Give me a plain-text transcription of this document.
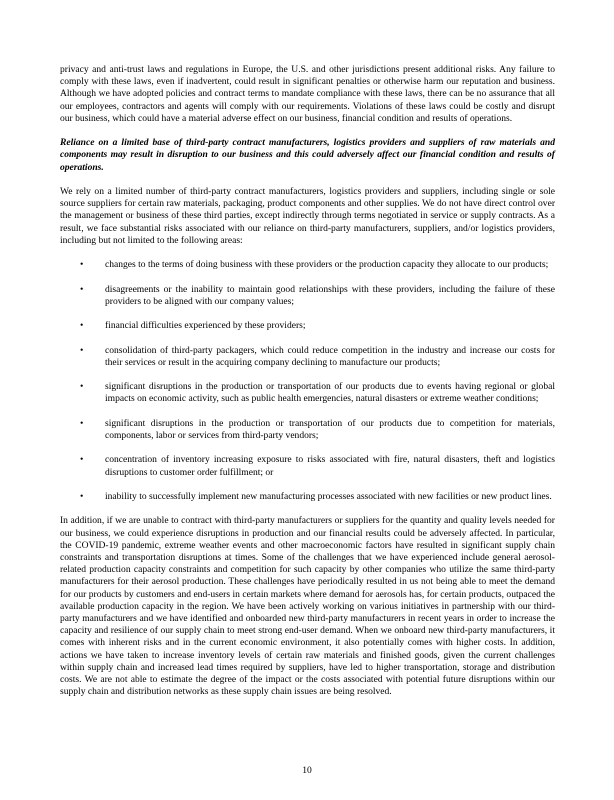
privacy and anti-trust laws and regulations in Europe, the U.S. and other jurisdictions present additional risks. Any failure to comply with these laws, even if inadvertent, could result in significant penalties or otherwise harm our reputation and business. Although we have adopted policies and contract terms to mandate compliance with these laws, there can be no assurance that all our employees, contractors and agents will comply with our requirements. Violations of these laws could be costly and disrupt our business, which could have a material adverse effect on our business, financial condition and results of operations.

Reliance on a limited base of third-party contract manufacturers, logistics providers and suppliers of raw materials and components may result in disruption to our business and this could adversely affect our financial condition and results of operations.

We rely on a limited number of third-party contract manufacturers, logistics providers and suppliers, including single or sole source suppliers for certain raw materials, packaging, product components and other supplies. We do not have direct control over the management or business of these third parties, except indirectly through terms negotiated in service or supply contracts. As a result, we face substantial risks associated with our reliance on third-party manufacturers, suppliers, and/or logistics providers, including but not limited to the following areas:

• changes to the terms of doing business with these providers or the production capacity they allocate to our products;
• disagreements or the inability to maintain good relationships with these providers, including the failure of these providers to be aligned with our company values;
• financial difficulties experienced by these providers;
• consolidation of third-party packagers, which could reduce competition in the industry and increase our costs for their services or result in the acquiring company declining to manufacture our products;
• significant disruptions in the production or transportation of our products due to events having regional or global impacts on economic activity, such as public health emergencies, natural disasters or extreme weather conditions;
• significant disruptions in the production or transportation of our products due to competition for materials, components, labor or services from third-party vendors;
• concentration of inventory increasing exposure to risks associated with fire, natural disasters, theft and logistics disruptions to customer order fulfillment; or
• inability to successfully implement new manufacturing processes associated with new facilities or new product lines.

In addition, if we are unable to contract with third-party manufacturers or suppliers for the quantity and quality levels needed for our business, we could experience disruptions in production and our financial results could be adversely affected. In particular, the COVID-19 pandemic, extreme weather events and other macroeconomic factors have resulted in significant supply chain constraints and transportation disruptions at times. Some of the challenges that we have experienced include general aerosol-related production capacity constraints and competition for such capacity by other companies who utilize the same third-party manufacturers for their aerosol production. These challenges have periodically resulted in us not being able to meet the demand for our products by customers and end-users in certain markets where demand for aerosols has, for certain products, outpaced the available production capacity in the region. We have been actively working on various initiatives in partnership with our third-party manufacturers and we have identified and onboarded new third-party manufacturers in recent years in order to increase the capacity and resilience of our supply chain to meet strong end-user demand. When we onboard new third-party manufacturers, it comes with inherent risks and in the current economic environment, it also potentially comes with higher costs. In addition, actions we have taken to increase inventory levels of certain raw materials and finished goods, given the current challenges within supply chain and increased lead times required by suppliers, have led to higher transportation, storage and distribution costs. We are not able to estimate the degree of the impact or the costs associated with potential future disruptions within our supply chain and distribution networks as these supply chain issues are being resolved.

10
